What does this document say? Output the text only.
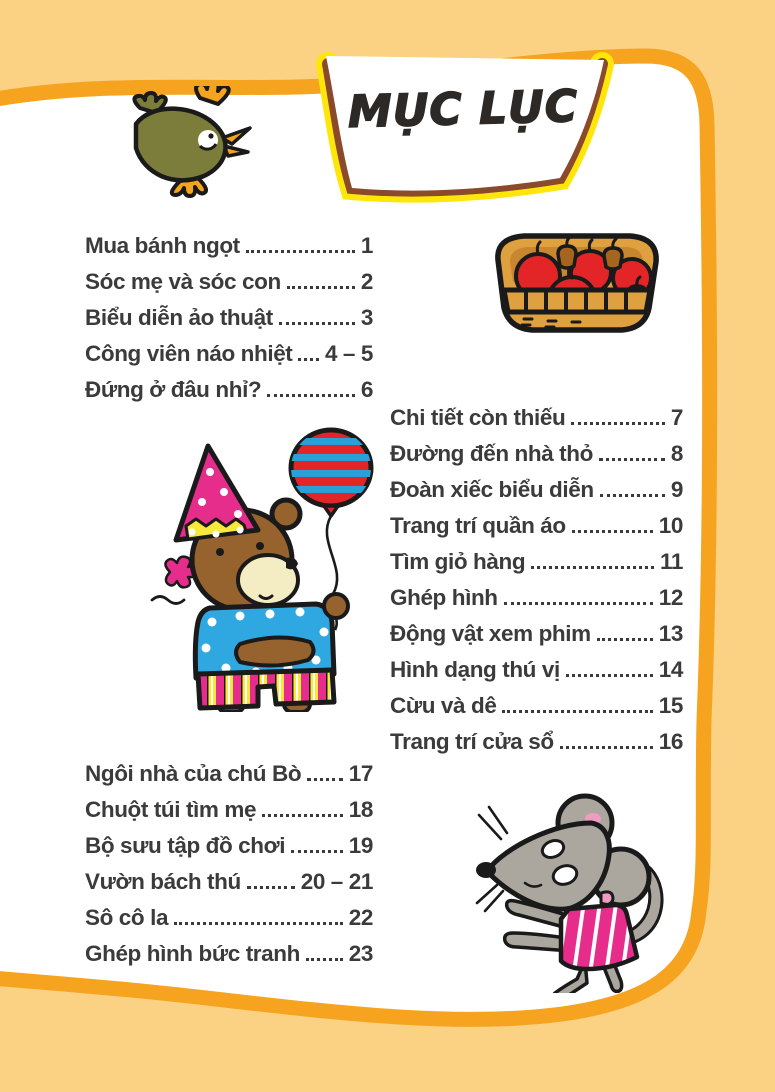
MỤC LỤC
Mua bánh ngọt	1
Sóc mẹ và sóc con	2
Biểu diễn ảo thuật	3
Công viên náo nhiệt 4 – 5
Đứng ở đâu nhỉ?	6
Chi tiết còn thiếu	7
Đường đến nhà thỏ	8
Đoàn xiếc biểu diễn	9
Trang trí quần áo	10
Tìm giỏ hàng	11
Ghép hình	12
Động vật xem phim	13
Hình dạng thú vị	14
Cừu và dê	15
Trang trí cửa sổ	16
Ngôi nhà của chú Bò 17
Chuột túi tìm mẹ	18
Bộ sưu tập đồ chơi	19
Vườn bách thú	20 – 21
Sô cô la	22
Ghép hình bức tranh 23
